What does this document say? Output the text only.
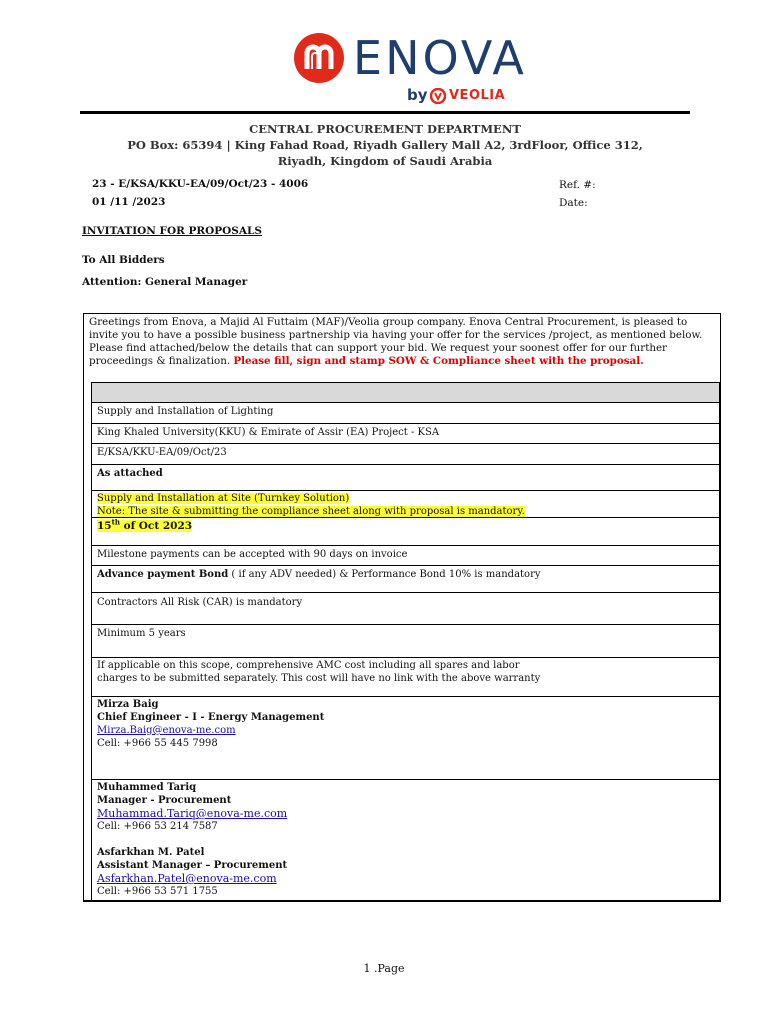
ENOVA
by VEOLIA
CENTRAL PROCUREMENT DEPARTMENT
PO Box: 65394 | King Fahad Road, Riyadh Gallery Mall A2, 3rdFloor, Office 312,
Riyadh, Kingdom of Saudi Arabia
23 - E/KSA/KKU-EA/09/Oct/23 - 4006	Ref. #:
01 /11 /2023	Date:
INVITATION FOR PROPOSALS
To All Bidders
Attention: General Manager
Greetings from Enova, a Majid Al Futtaim (MAF)/Veolia group company. Enova Central Procurement, is pleased to invite you to have a possible business partnership via having your offer for the services /project, as mentioned below. Please find attached/below the details that can support your bid. We request your soonest offer for our further proceedings & finalization. Please fill, sign and stamp SOW & Compliance sheet with the proposal.
Supply and Installation of Lighting
King Khaled University(KKU) & Emirate of Assir (EA) Project - KSA
E/KSA/KKU-EA/09/Oct/23
As attached
Supply and Installation at Site (Turnkey Solution)
Note: The site & submitting the compliance sheet along with proposal is mandatory.
15th of Oct 2023
Milestone payments can be accepted with 90 days on invoice
Advance payment Bond ( if any ADV needed) & Performance Bond 10% is mandatory
Contractors All Risk (CAR) is mandatory
Minimum 5 years
If applicable on this scope, comprehensive AMC cost including all spares and labor
charges to be submitted separately. This cost will have no link with the above warranty
Mirza Baig
Chief Engineer - I - Energy Management
Mirza.Baig@enova-me.com
Cell: +966 55 445 7998
Muhammed Tariq
Manager - Procurement
Muhammad.Tariq@enova-me.com
Cell: +966 53 214 7587
Asfarkhan M. Patel
Assistant Manager – Procurement
Asfarkhan.Patel@enova-me.com
Cell: +966 53 571 1755
1 .Page
